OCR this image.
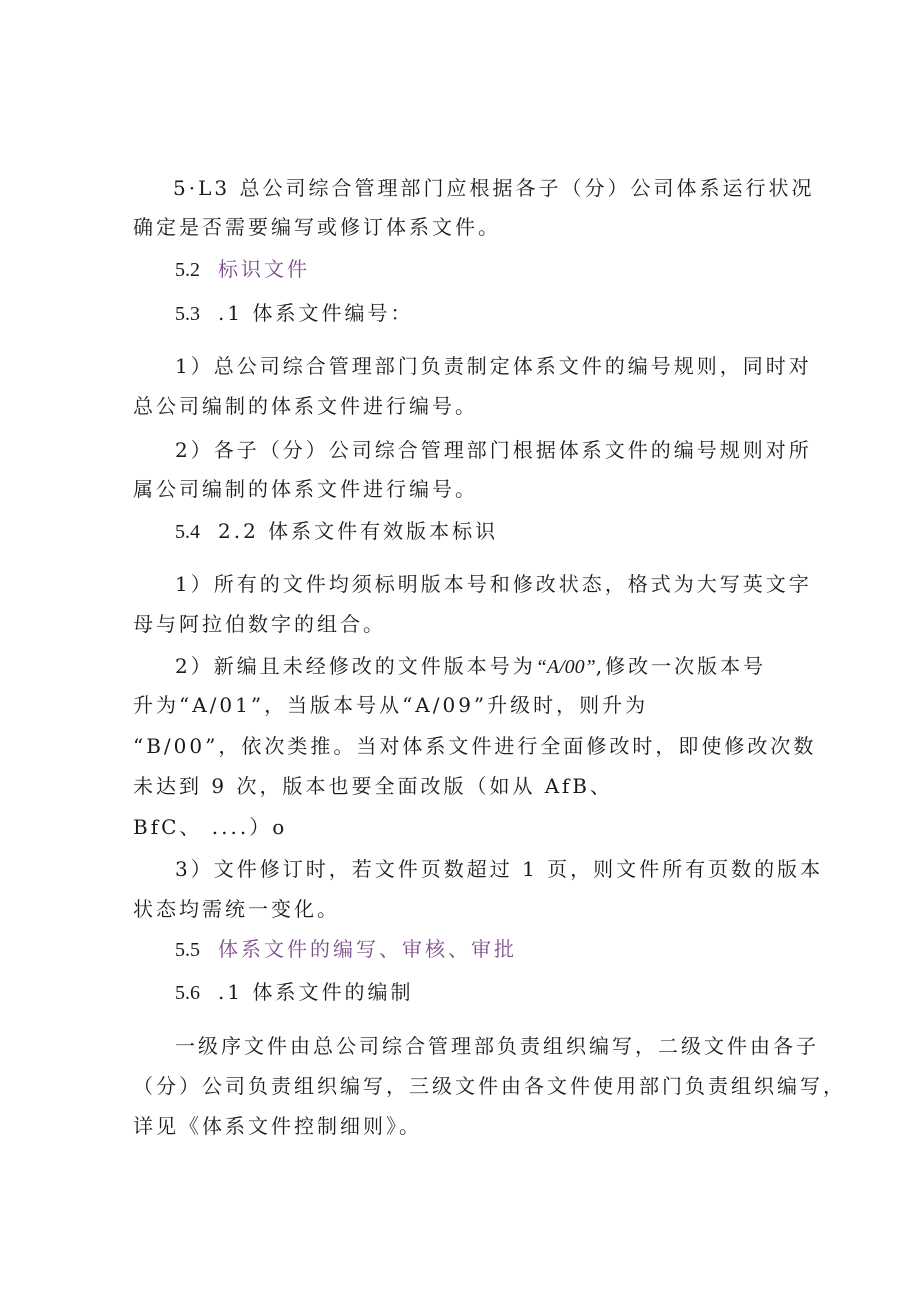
5·L3 总公司综合管理部门应根据各子（分）公司体系运行状况
确定是否需要编写或修订体系文件。
5.2 标识文件
5.3 .1 体系文件编号：
1）总公司综合管理部门负责制定体系文件的编号规则，同时对
总公司编制的体系文件进行编号。
2）各子（分）公司综合管理部门根据体系文件的编号规则对所
属公司编制的体系文件进行编号。
5.4 2.2 体系文件有效版本标识
1）所有的文件均须标明版本号和修改状态，格式为大写英文字
母与阿拉伯数字的组合。
2）新编且未经修改的文件版本号为“A/00”,修改一次版本号
升为“A/01”，当版本号从“A/09”升级时，则升为
“B/00”，依次类推。当对体系文件进行全面修改时，即使修改次数
未达到 9 次，版本也要全面改版（如从 AfB、
BfC、 ....）o
3）文件修订时，若文件页数超过 1 页，则文件所有页数的版本
状态均需统一变化。
5.5 体系文件的编写、审核、审批
5.6 .1 体系文件的编制
一级序文件由总公司综合管理部负责组织编写，二级文件由各子
（分）公司负责组织编写，三级文件由各文件使用部门负责组织编写，
详见《体系文件控制细则》。
